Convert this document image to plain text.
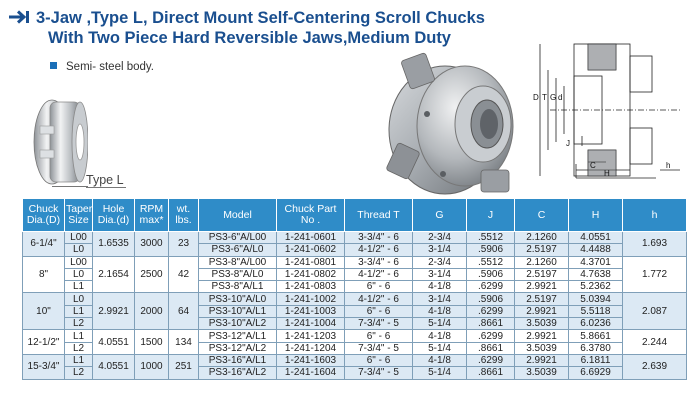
3-Jaw ,Type L, Direct Mount Self-Centering Scroll Chucks
With Two Piece Hard Reversible Jaws,Medium Duty
Semi- steel body.
Type L
D T G d
J
C
H
h
Chuck Dia.(D)	Taper Size	Hole Dia.(d)	RPM max*	wt. lbs.	Model	Chuck Part No .	Thread T	G	J	C	H	h
6-1/4"	L00	1.6535	3000	23	PS3-6"A/L00	1-241-0601	3-3/4" - 6	2-3/4	.5512	2.1260	4.0551	1.693
	L0				PS3-6"A/L0	1-241-0602	4-1/2" - 6	3-1/4	.5906	2.5197	4.4488	
8"	L00	2.1654	2500	42	PS3-8"A/L00	1-241-0801	3-3/4" - 6	2-3/4	.5512	2.1260	4.3701	1.772
	L0				PS3-8"A/L0	1-241-0802	4-1/2" - 6	3-1/4	.5906	2.5197	4.7638	
	L1				PS3-8"A/L1	1-241-0803	6" - 6	4-1/8	.6299	2.9921	5.2362	
10"	L0	2.9921	2000	64	PS3-10"A/L0	1-241-1002	4-1/2" - 6	3-1/4	.5906	2.5197	5.0394	2.087
	L1				PS3-10"A/L1	1-241-1003	6" - 6	4-1/8	.6299	2.9921	5.5118	
	L2				PS3-10"A/L2	1-241-1004	7-3/4" - 5	5-1/4	.8661	3.5039	6.0236	
12-1/2"	L1	4.0551	1500	134	PS3-12"A/L1	1-241-1203	6" - 6	4-1/8	.6299	2.9921	5.8661	2.244
	L2				PS3-12"A/L2	1-241-1204	7-3/4" - 5	5-1/4	.8661	3.5039	6.3780	
15-3/4"	L1	4.0551	1000	251	PS3-16"A/L1	1-241-1603	6" - 6	4-1/8	.6299	2.9921	6.1811	2.639
	L2				PS3-16"A/L2	1-241-1604	7-3/4" - 5	5-1/4	.8661	3.5039	6.6929	
